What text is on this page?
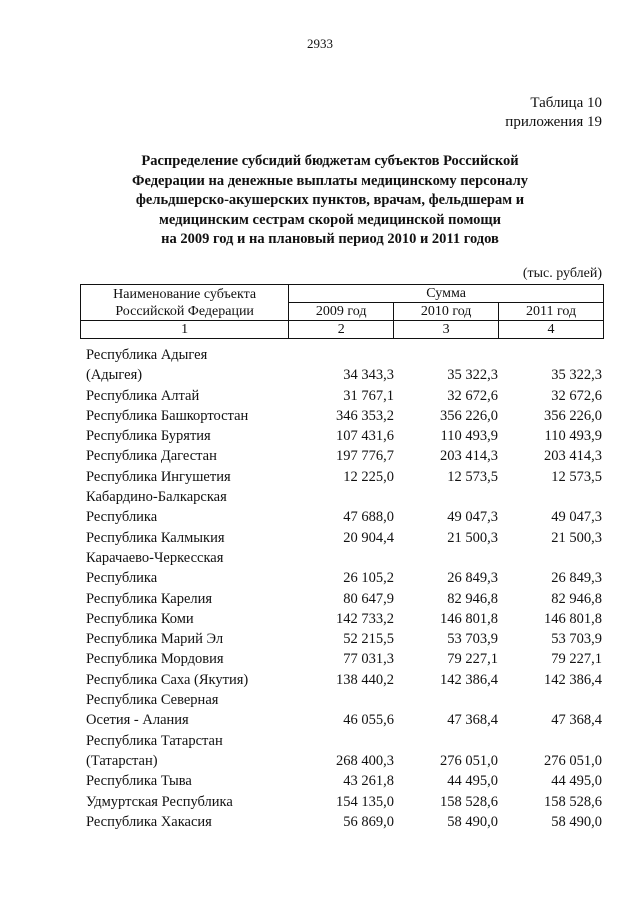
2933
Таблица 10
приложения 19
Распределение субсидий бюджетам субъектов Российской
Федерации на денежные выплаты медицинскому персоналу
фельдшерско-акушерских пунктов, врачам, фельдшерам и
медицинским сестрам скорой медицинской помощи
на 2009 год и на плановый период 2010 и 2011 годов
(тыс. рублей)
Наименование субъекта
Российской Федерации	Сумма		
	2009 год	2010 год	2011 год
1	2	3	4
Республика Адыгея
(Адыгея)	34 343,3	35 322,3	35 322,3
Республика Алтай	31 767,1	32 672,6	32 672,6
Республика Башкортостан	346 353,2	356 226,0	356 226,0
Республика Бурятия	107 431,6	110 493,9	110 493,9
Республика Дагестан	197 776,7	203 414,3	203 414,3
Республика Ингушетия	12 225,0	12 573,5	12 573,5
Кабардино-Балкарская
Республика	47 688,0	49 047,3	49 047,3
Республика Калмыкия	20 904,4	21 500,3	21 500,3
Карачаево-Черкесская
Республика	26 105,2	26 849,3	26 849,3
Республика Карелия	80 647,9	82 946,8	82 946,8
Республика Коми	142 733,2	146 801,8	146 801,8
Республика Марий Эл	52 215,5	53 703,9	53 703,9
Республика Мордовия	77 031,3	79 227,1	79 227,1
Республика Саха (Якутия)	138 440,2	142 386,4	142 386,4
Республика Северная
Осетия - Алания	46 055,6	47 368,4	47 368,4
Республика Татарстан
(Татарстан)	268 400,3	276 051,0	276 051,0
Республика Тыва	43 261,8	44 495,0	44 495,0
Удмуртская Республика	154 135,0	158 528,6	158 528,6
Республика Хакасия	56 869,0	58 490,0	58 490,0
